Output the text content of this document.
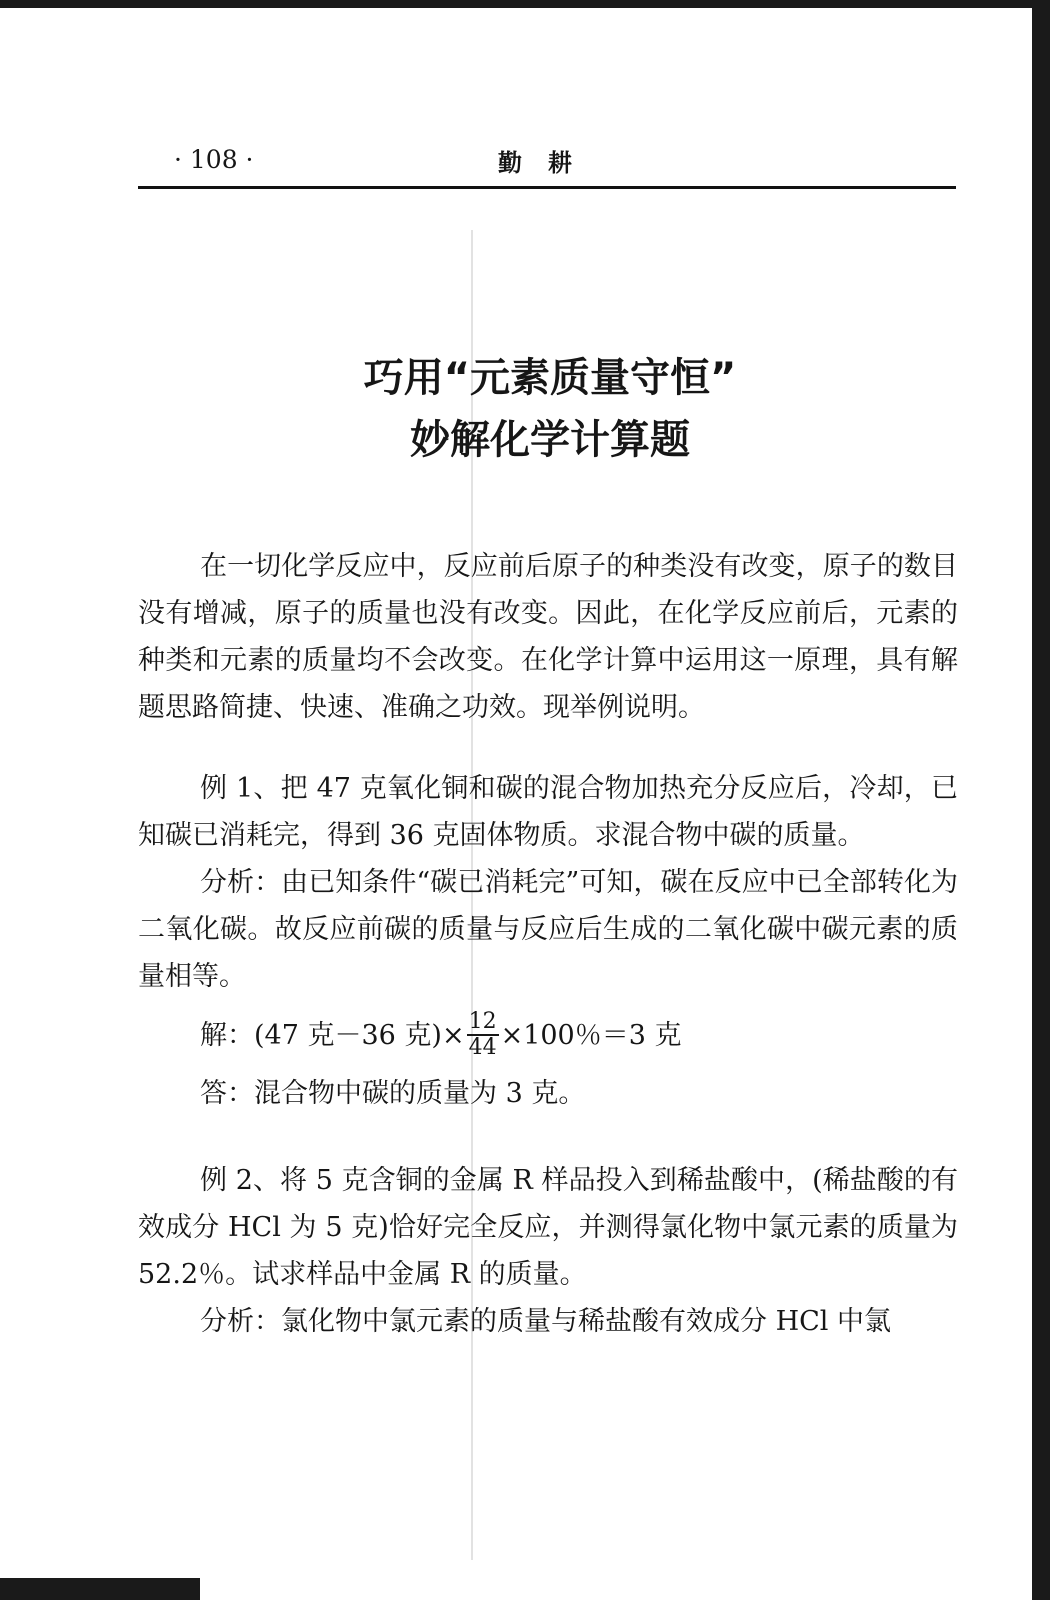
· 108 ·	勤耕
巧用“元素质量守恒”
妙解化学计算题

在一切化学反应中，反应前后原子的种类没有改变，原子的数目没有增减，原子的质量也没有改变。因此，在化学反应前后，元素的种类和元素的质量均不会改变。在化学计算中运用这一原理，具有解题思路简捷、快速、准确之功效。现举例说明。

例 1、把 47 克氧化铜和碳的混合物加热充分反应后，冷却，已知碳已消耗完，得到 36 克固体物质。求混合物中碳的质量。

分析：由已知条件“碳已消耗完”可知，碳在反应中已全部转化为二氧化碳。故反应前碳的质量与反应后生成的二氧化碳中碳元素的质量相等。

解：(47 克－36 克)× $\frac{12}{44} \times 100$％＝3 克

答：混合物中碳的质量为 3 克。

例 2、将 5 克含铜的金属 R 样品投入到稀盐酸中，(稀盐酸的有效成分 HCl 为 5 克)恰好完全反应，并测得氯化物中氯元素的质量为 52.2％。试求样品中金属 R 的质量。

分析：氯化物中氯元素的质量与稀盐酸有效成分 HCl 中氯
